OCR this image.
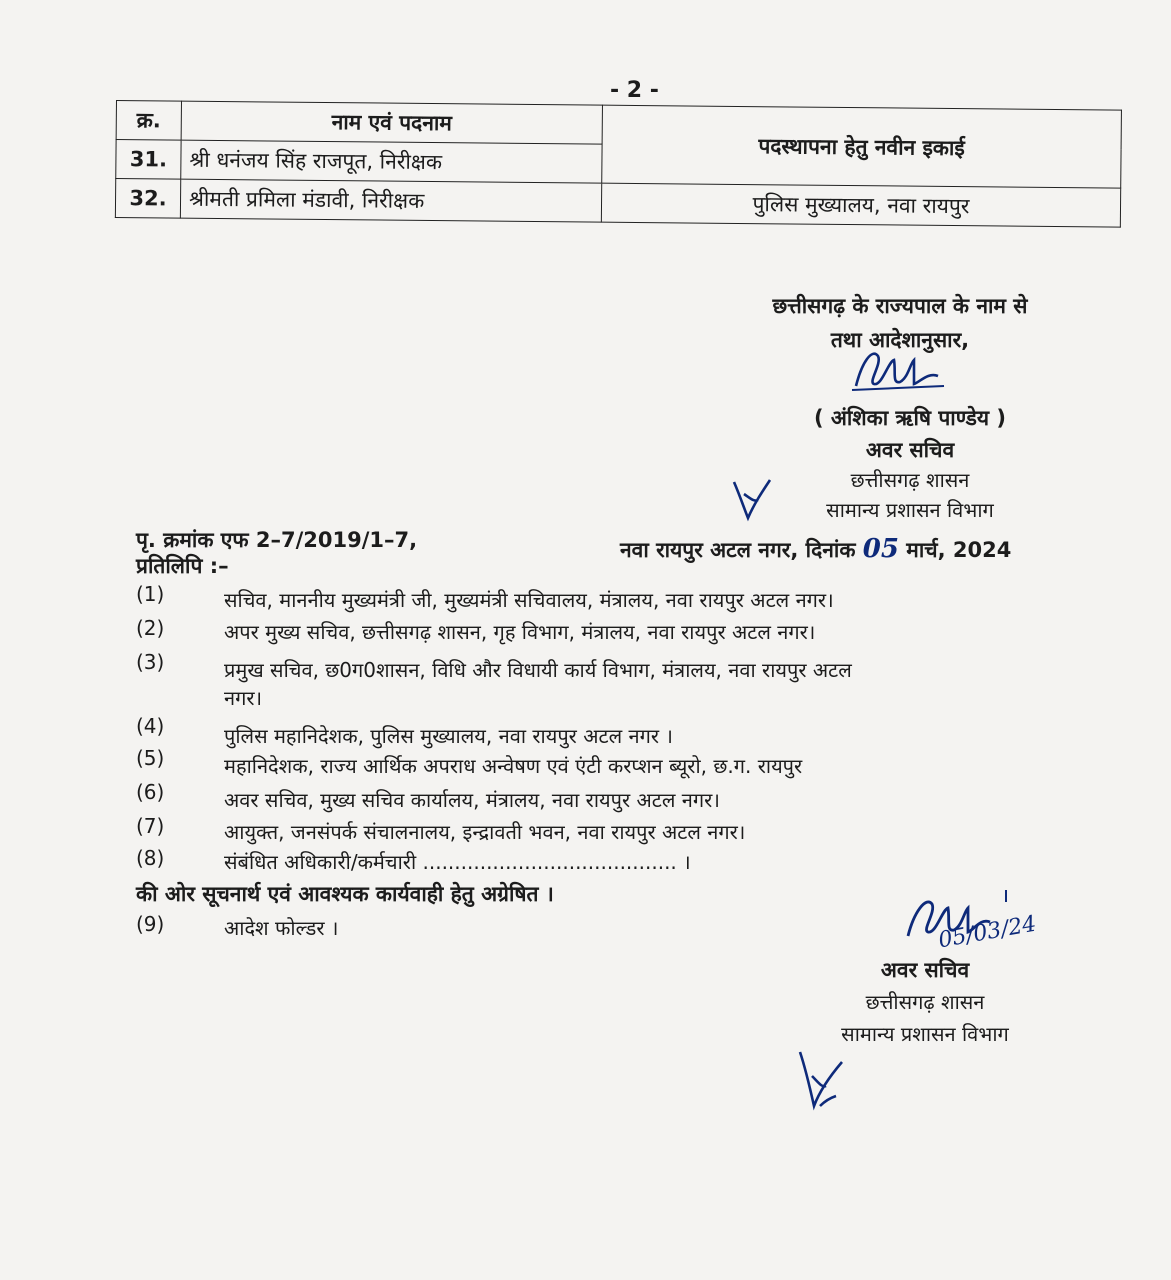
- 2 -
क्र.	नाम एवं पदनाम	पदस्थापना हेतु नवीन इकाई
31.	श्री धनंजय सिंह राजपूत, निरीक्षक	
32.	श्रीमती प्रमिला मंडावी, निरीक्षक	पुलिस मुख्यालय, नवा रायपुर
छत्तीसगढ़ के राज्यपाल के नाम से
तथा आदेशानुसार,
( अंशिका ऋषि पाण्डेय )
अवर सचिव
छत्तीसगढ़ शासन
सामान्य प्रशासन विभाग
पृ. क्रमांक एफ 2–7/2019/1–7,	नवा रायपुर अटल नगर, दिनांक 05 मार्च, 2024
प्रतिलिपि :–
(1)	सचिव, माननीय मुख्यमंत्री जी, मुख्यमंत्री सचिवालय, मंत्रालय, नवा रायपुर अटल नगर।
(2)	अपर मुख्य सचिव, छत्तीसगढ़ शासन, गृह विभाग, मंत्रालय, नवा रायपुर अटल नगर।
(3)	प्रमुख सचिव, छ0ग0शासन, विधि और विधायी कार्य विभाग, मंत्रालय, नवा रायपुर अटल
नगर।
(4)	पुलिस महानिदेशक, पुलिस मुख्यालय, नवा रायपुर अटल नगर ।
(5)	महानिदेशक, राज्य आर्थिक अपराध अन्वेषण एवं एंटी करप्शन ब्यूरो, छ.ग. रायपुर
(6)	अवर सचिव, मुख्य सचिव कार्यालय, मंत्रालय, नवा रायपुर अटल नगर।
(7)	आयुक्त, जनसंपर्क संचालनालय, इन्द्रावती भवन, नवा रायपुर अटल नगर।
(8)	संबंधित अधिकारी/कर्मचारी ........................................ ।
की ओर सूचनार्थ एवं आवश्यक कार्यवाही हेतु अग्रेषित ।
(9)	आदेश फोल्डर ।	05/03/24
अवर सचिव
छत्तीसगढ़ शासन
सामान्य प्रशासन विभाग
